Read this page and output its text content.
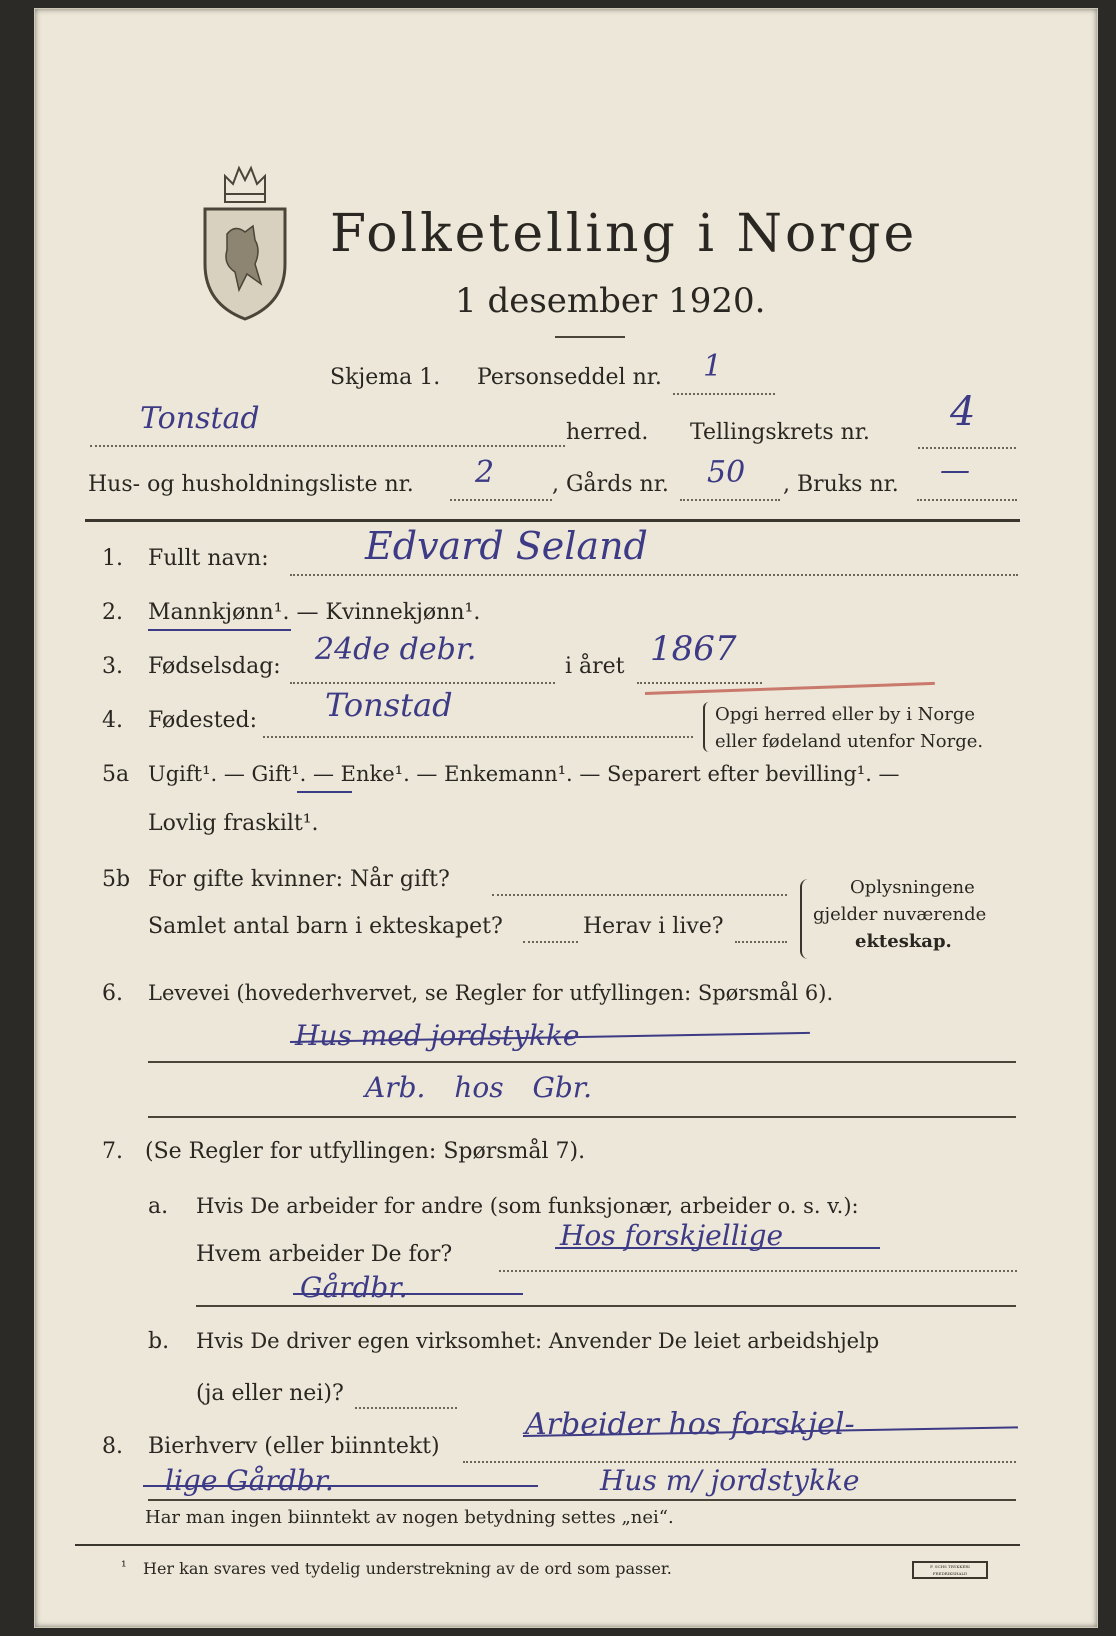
Folketelling i Norge
1 desember 1920.
Skjema 1. Personseddel nr. 1
Tonstad	herred. Tellingskrets nr. 4
Hus- og husholdningsliste nr. 2	, Gårds nr. 50 , Bruks nr. —
1. Fullt navn:	Edvard Seland
2. Mannkjønn¹. — Kvinnekjønn¹.
3. Fødselsdag: 24de debr.	i året 1867
4. Fødested: Tonstad	Opgi herred eller by i Norge
eller fødeland utenfor Norge.
5a Ugift¹. — Gift¹. — Enke¹. — Enkemann¹. — Separert efter bevilling¹. —
Lovlig fraskilt¹.
5b For gifte kvinner: Når gift?
Samlet antal barn i ekteskapet?	Herav i live?
Oplysningene
gjelder nuværende
ekteskap.
6. Levevei (hovederhvervet, se Regler for utfyllingen: Spørsmål 6).
Hus med jordstykke
Arb. hos Gbr.
7. (Se Regler for utfyllingen: Spørsmål 7).
a. Hvis De arbeider for andre (som funksjonær, arbeider o. s. v.):
Hvem arbeider De for?
Hos forskjellige
Gårdbr.
b. Hvis De driver egen virksomhet: Anvender De leiet arbeidshjelp
(ja eller nei)?
8. Bierhverv (eller biinntekt)
Arbeider hos forskjel-
lige Gårdbr.	Hus m/ jordstykke
Har man ingen biinntekt av nogen betydning settes „nei“.
¹ Her kan svares ved tydelig understrekning av de ord som passer.	F. SCHS TRYKKERI FREDRIKSHALD
